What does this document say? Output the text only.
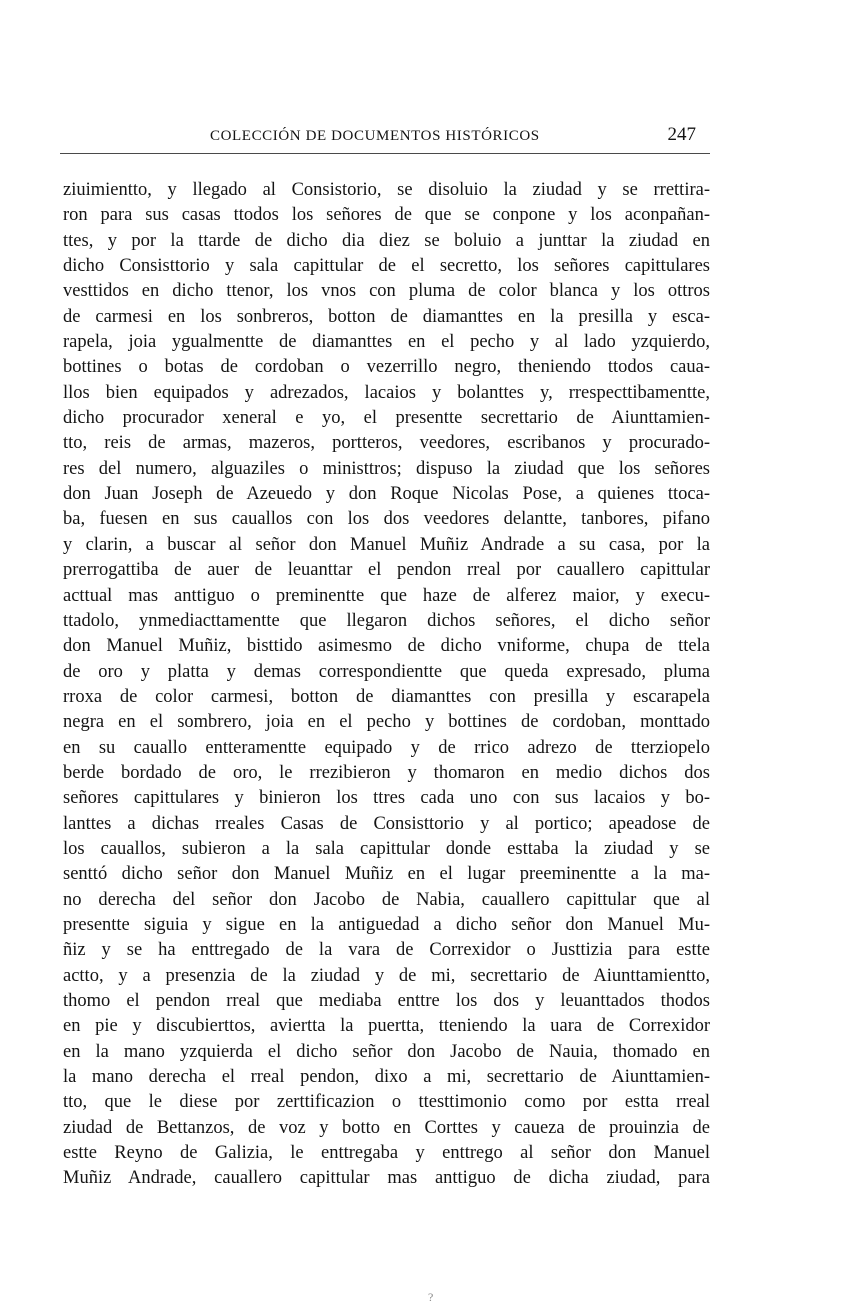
COLECCIÓN DE DOCUMENTOS HISTÓRICOS	247
ziuimientto, y llegado al Consistorio, se disoluio la ziudad y se rrettira-
ron para sus casas ttodos los señores de que se conpone y los aconpañan-
ttes, y por la ttarde de dicho dia diez se boluio a junttar la ziudad en
dicho Consisttorio y sala capittular de el secretto, los señores capittulares
vesttidos en dicho ttenor, los vnos con pluma de color blanca y los ottros
de carmesi en los sonbreros, botton de diamanttes en la presilla y esca-
rapela, joia ygualmentte de diamanttes en el pecho y al lado yzquierdo,
bottines o botas de cordoban o vezerrillo negro, theniendo ttodos caua-
llos bien equipados y adrezados, lacaios y bolanttes y, rrespecttibamentte,
dicho procurador xeneral e yo, el presentte secrettario de Aiunttamien-
tto, reis de armas, mazeros, portteros, veedores, escribanos y procurado-
res del numero, alguaziles o ministtros; dispuso la ziudad que los señores
don Juan Joseph de Azeuedo y don Roque Nicolas Pose, a quienes ttoca-
ba, fuesen en sus cauallos con los dos veedores delantte, tanbores, pifano
y clarin, a buscar al señor don Manuel Muñiz Andrade a su casa, por la
prerrogattiba de auer de leuanttar el pendon rreal por cauallero capittular
acttual mas anttiguo o preminentte que haze de alferez maior, y execu-
ttadolo, ynmediacttamentte que llegaron dichos señores, el dicho señor
don Manuel Muñiz, bisttido asimesmo de dicho vniforme, chupa de ttela
de oro y platta y demas correspondientte que queda expresado, pluma
rroxa de color carmesi, botton de diamanttes con presilla y escarapela
negra en el sombrero, joia en el pecho y bottines de cordoban, monttado
en su cauallo entteramentte equipado y de rrico adrezo de tterziopelo
berde bordado de oro, le rrezibieron y thomaron en medio dichos dos
señores capittulares y binieron los ttres cada uno con sus lacaios y bo-
lanttes a dichas rreales Casas de Consisttorio y al portico; apeadose de
los cauallos, subieron a la sala capittular donde esttaba la ziudad y se
senttó dicho señor don Manuel Muñiz en el lugar preeminentte a la ma-
no derecha del señor don Jacobo de Nabia, cauallero capittular que al
presentte siguia y sigue en la antiguedad a dicho señor don Manuel Mu-
ñiz y se ha enttregado de la vara de Correxidor o Justtizia para estte
actto, y a presenzia de la ziudad y de mi, secrettario de Aiunttamientto,
thomo el pendon rreal que mediaba enttre los dos y leuanttados thodos
en pie y discubierttos, aviertta la puertta, tteniendo la uara de Correxidor
en la mano yzquierda el dicho señor don Jacobo de Nauia, thomado en
la mano derecha el rreal pendon, dixo a mi, secrettario de Aiunttamien-
tto, que le diese por zerttificazion o ttesttimonio como por estta rreal
ziudad de Bettanzos, de voz y botto en Corttes y caueza de prouinzia de
estte Reyno de Galizia, le enttregaba y enttrego al señor don Manuel
Muñiz Andrade, cauallero capittular mas anttiguo de dicha ziudad, para
?
